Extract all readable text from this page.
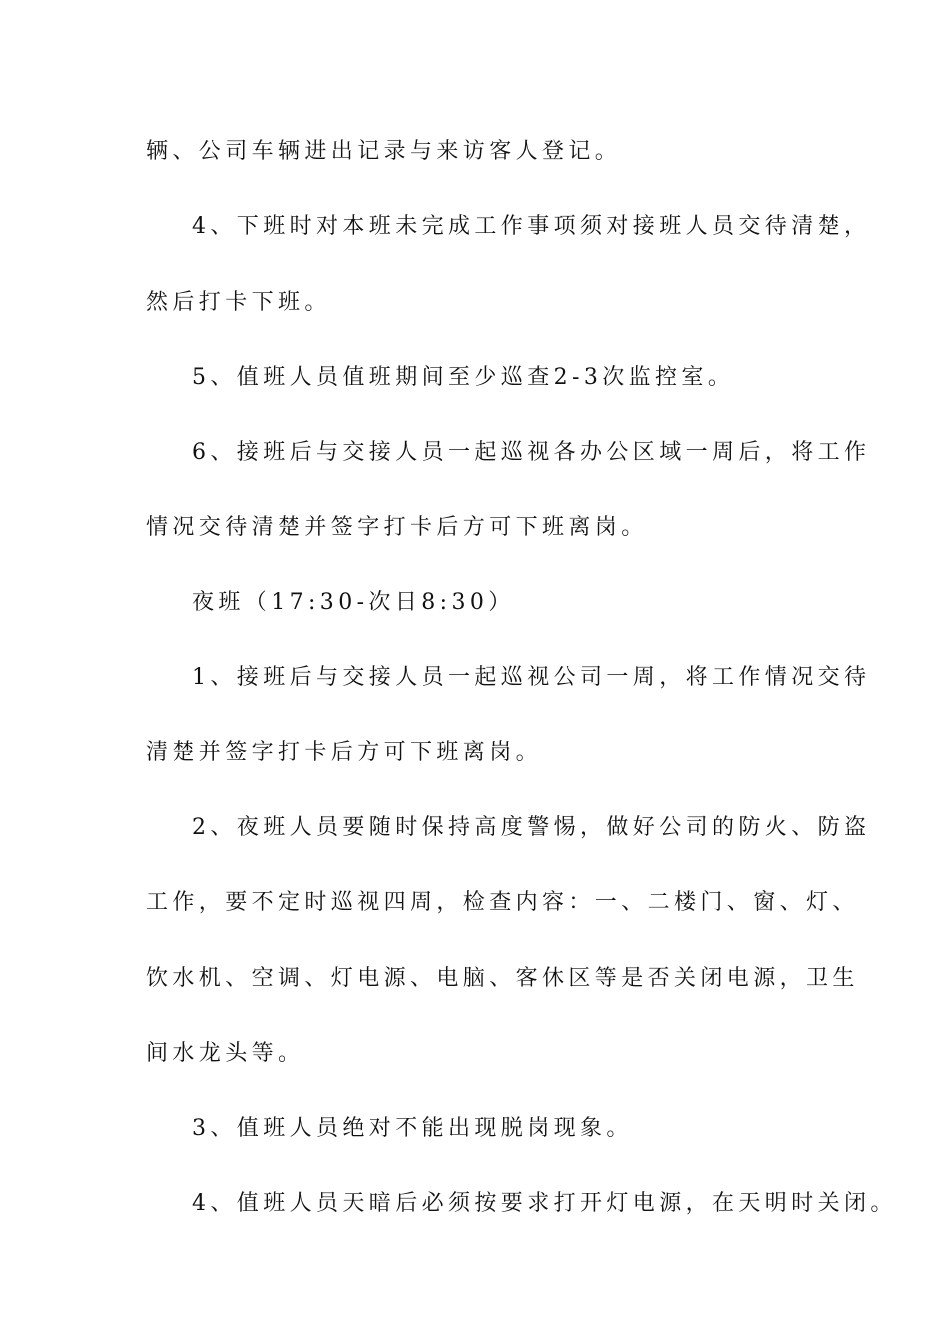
辆、公司车辆进出记录与来访客人登记。
4、下班时对本班未完成工作事项须对接班人员交待清楚，
然后打卡下班。
5、值班人员值班期间至少巡查2-3次监控室。
6、接班后与交接人员一起巡视各办公区域一周后，将工作
情况交待清楚并签字打卡后方可下班离岗。
夜班（17:30-次日8:30）
1、接班后与交接人员一起巡视公司一周，将工作情况交待
清楚并签字打卡后方可下班离岗。
2、夜班人员要随时保持高度警惕，做好公司的防火、防盗
工作，要不定时巡视四周，检查内容：一、二楼门、窗、灯、
饮水机、空调、灯电源、电脑、客休区等是否关闭电源，卫生
间水龙头等。
3、值班人员绝对不能出现脱岗现象。
4、值班人员天暗后必须按要求打开灯电源，在天明时关闭。
